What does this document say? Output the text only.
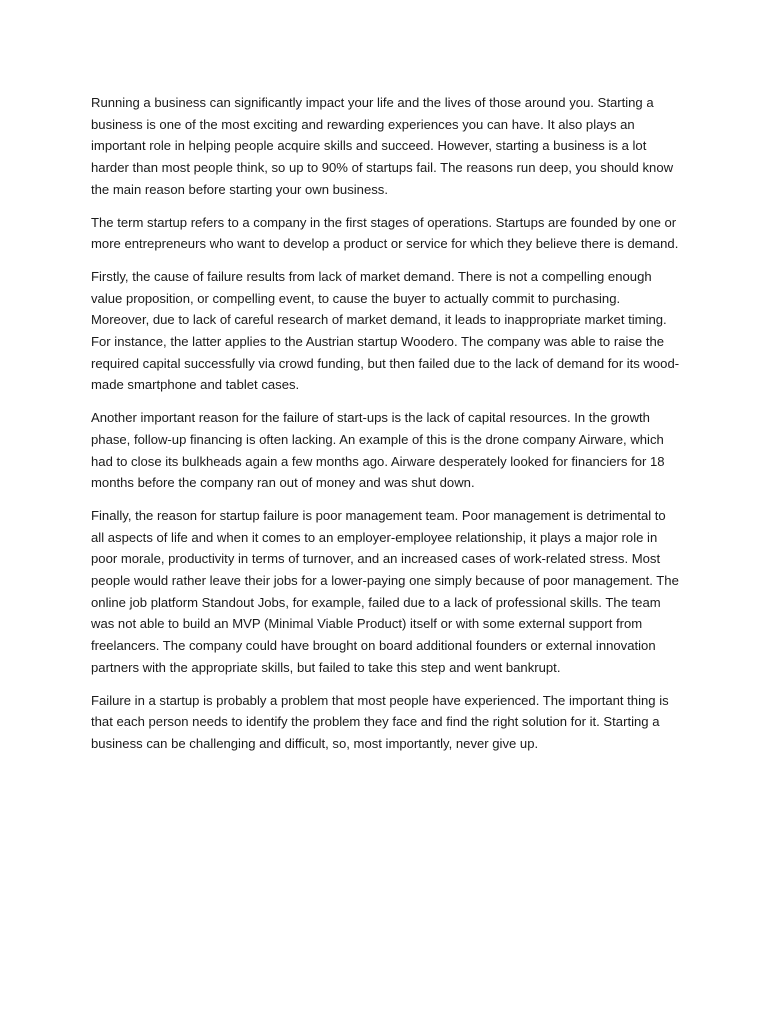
Running a business can significantly impact your life and the lives of those around you. Starting a business is one of the most exciting and rewarding experiences you can have. It also plays an important role in helping people acquire skills and succeed. However, starting a business is a lot harder than most people think, so up to 90% of startups fail. The reasons run deep, you should know the main reason before starting your own business.

The term startup refers to a company in the first stages of operations. Startups are founded by one or more entrepreneurs who want to develop a product or service for which they believe there is demand.

Firstly, the cause of failure results from lack of market demand. There is not a compelling enough value proposition, or compelling event, to cause the buyer to actually commit to purchasing. Moreover, due to lack of careful research of market demand, it leads to inappropriate market timing. For instance, the latter applies to the Austrian startup Woodero. The company was able to raise the required capital successfully via crowd funding, but then failed due to the lack of demand for its wood-made smartphone and tablet cases.

Another important reason for the failure of start-ups is the lack of capital resources. In the growth phase, follow-up financing is often lacking. An example of this is the drone company Airware, which had to close its bulkheads again a few months ago. Airware desperately looked for financiers for 18 months before the company ran out of money and was shut down.

Finally, the reason for startup failure is poor management team. Poor management is detrimental to all aspects of life and when it comes to an employer-employee relationship, it plays a major role in poor morale, productivity in terms of turnover, and an increased cases of work-related stress. Most people would rather leave their jobs for a lower-paying one simply because of poor management. The online job platform Standout Jobs, for example, failed due to a lack of professional skills. The team was not able to build an MVP (Minimal Viable Product) itself or with some external support from freelancers. The company could have brought on board additional founders or external innovation partners with the appropriate skills, but failed to take this step and went bankrupt.

Failure in a startup is probably a problem that most people have experienced. The important thing is that each person needs to identify the problem they face and find the right solution for it. Starting a business can be challenging and difficult, so, most importantly, never give up.
